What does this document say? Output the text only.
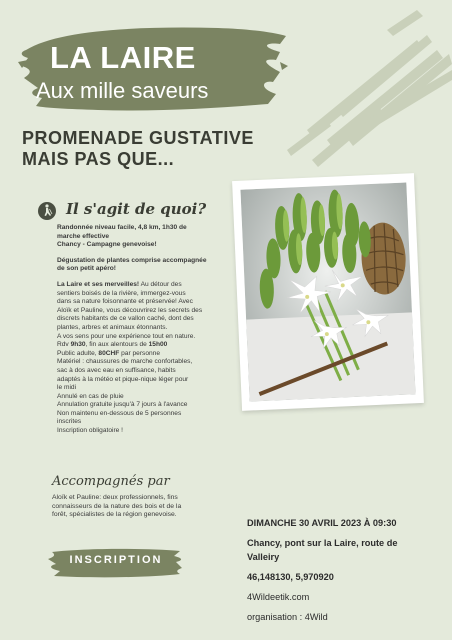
LA LAIRE
Aux mille saveurs
PROMENADE GUSTATIVE
MAIS PAS QUE...
Il s'agit de quoi?

Randonnée niveau facile, 4,8 km, 1h30 de
marche effective
Chancy - Campagne genevoise!

Dégustation de plantes comprise accompagnée
de son petit apéro!

La Laire et ses merveilles! Au détour des
sentiers boisés de la rivière, immergez-vous
dans sa nature foisonnante et préservée! Avec
Aloïk et Pauline, vous découvrirez les secrets des
discrets habitants de ce vallon caché, dont des
plantes, arbres et animaux étonnants.
A vos sens pour une expérience tout en nature.
Rdv 9h30, fin aux alentours de 15h00
Public adulte, 80CHF par personne
Matériel : chaussures de marche confortables,
sac à dos avec eau en suffisance, habits
adaptés à la météo et pique-nique léger pour
le midi
Annulé en cas de pluie
Annulation gratuite jusqu'à 7 jours à l'avance
Non maintenu en-dessous de 5 personnes
inscrites
Inscription obligatoire !

Accompagnés par
Aloïk et Pauline: deux professionnels, fins
connaisseurs de la nature des bois et de la
forêt, spécialistes de la région genevoise.
INSCRIPTION
DIMANCHE 30 AVRIL 2023 À 09:30
Chancy, pont sur la Laire, route de
Valleiry
46,148130, 5,970920
4Wildeetik.com
organisation : 4Wild
